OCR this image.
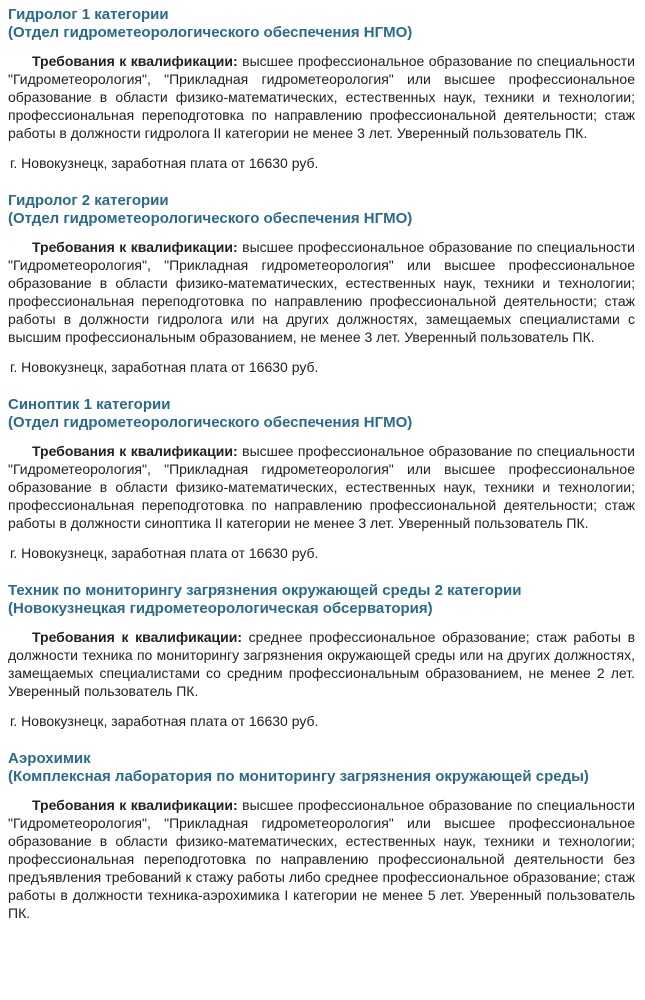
Гидролог 1 категории
(Отдел гидрометеорологического обеспечения НГМО)

Требования к квалификации: высшее профессиональное образование по специальности "Гидрометеорология", "Прикладная гидрометеорология" или высшее профессиональное образование в области физико-математических, естественных наук, техники и технологии; профессиональная переподготовка по направлению профессиональной деятельности; стаж работы в должности гидролога II категории не менее 3 лет. Уверенный пользователь ПК.

г. Новокузнецк, заработная плата от 16630 руб.

Гидролог 2 категории
(Отдел гидрометеорологического обеспечения НГМО)

Требования к квалификации: высшее профессиональное образование по специальности "Гидрометеорология", "Прикладная гидрометеорология" или высшее профессиональное образование в области физико-математических, естественных наук, техники и технологии; профессиональная переподготовка по направлению профессиональной деятельности; стаж работы в должности гидролога или на других должностях, замещаемых специалистами с высшим профессиональным образованием, не менее 3 лет. Уверенный пользователь ПК.

г. Новокузнецк, заработная плата от 16630 руб.

Синоптик 1 категории
(Отдел гидрометеорологического обеспечения НГМО)

Требования к квалификации: высшее профессиональное образование по специальности "Гидрометеорология", "Прикладная гидрометеорология" или высшее профессиональное образование в области физико-математических, естественных наук, техники и технологии; профессиональная переподготовка по направлению профессиональной деятельности; стаж работы в должности синоптика II категории не менее 3 лет. Уверенный пользователь ПК.

г. Новокузнецк, заработная плата от 16630 руб.

Техник по мониторингу загрязнения окружающей среды 2 категории
(Новокузнецкая гидрометеорологическая обсерватория)

Требования к квалификации: среднее профессиональное образование; стаж работы в должности техника по мониторингу загрязнения окружающей среды или на других должностях, замещаемых специалистами со средним профессиональным образованием, не менее 2 лет. Уверенный пользователь ПК.

г. Новокузнецк, заработная плата от 16630 руб.

Аэрохимик
(Комплексная лаборатория по мониторингу загрязнения окружающей среды)

Требования к квалификации: высшее профессиональное образование по специальности "Гидрометеорология", "Прикладная гидрометеорология" или высшее профессиональное образование в области физико-математических, естественных наук, техники и технологии; профессиональная переподготовка по направлению профессиональной деятельности без предъявления требований к стажу работы либо среднее профессиональное образование; стаж работы в должности техника-аэрохимика I категории не менее 5 лет. Уверенный пользователь ПК.
